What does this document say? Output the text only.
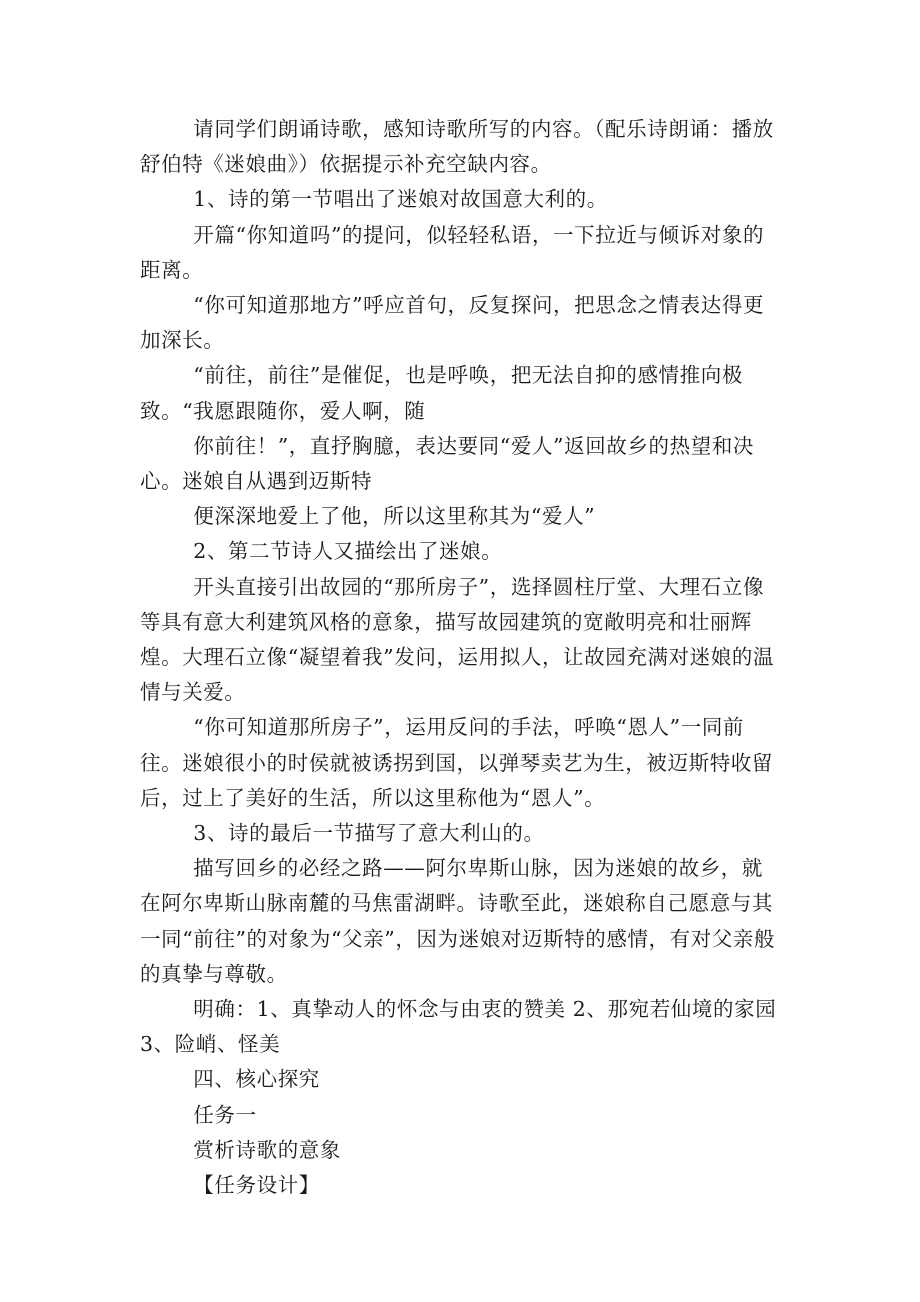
请同学们朗诵诗歌，感知诗歌所写的内容。（配乐诗朗诵：播放舒伯特《迷娘曲》）依据提示补充空缺内容。

1、诗的第一节唱出了迷娘对故国意大利的。

开篇“你知道吗”的提问，似轻轻私语，一下拉近与倾诉对象的距离。

“你可知道那地方”呼应首句，反复探问，把思念之情表达得更加深长。

“前往，前往”是催促，也是呼唤，把无法自抑的感情推向极致。“我愿跟随你，爱人啊，随

你前往！”，直抒胸臆，表达要同“爱人”返回故乡的热望和决心。迷娘自从遇到迈斯特

便深深地爱上了他，所以这里称其为“爱人”

2、第二节诗人又描绘出了迷娘。

开头直接引出故园的“那所房子”，选择圆柱厅堂、大理石立像等具有意大利建筑风格的意象，描写故园建筑的宽敞明亮和壮丽辉煌。大理石立像“凝望着我”发问，运用拟人，让故园充满对迷娘的温情与关爱。

“你可知道那所房子”，运用反问的手法，呼唤“恩人”一同前往。迷娘很小的时侯就被诱拐到国，以弹琴卖艺为生，被迈斯特收留后，过上了美好的生活，所以这里称他为“恩人”。

3、诗的最后一节描写了意大利山的。

描写回乡的必经之路——阿尔卑斯山脉，因为迷娘的故乡，就在阿尔卑斯山脉南麓的马焦雷湖畔。诗歌至此，迷娘称自己愿意与其一同“前往”的对象为“父亲”，因为迷娘对迈斯特的感情，有对父亲般的真挚与尊敬。

明确：1、真挚动人的怀念与由衷的赞美 2、那宛若仙境的家园 3、险峭、怪美

四、核心探究

任务一

赏析诗歌的意象

【任务设计】
